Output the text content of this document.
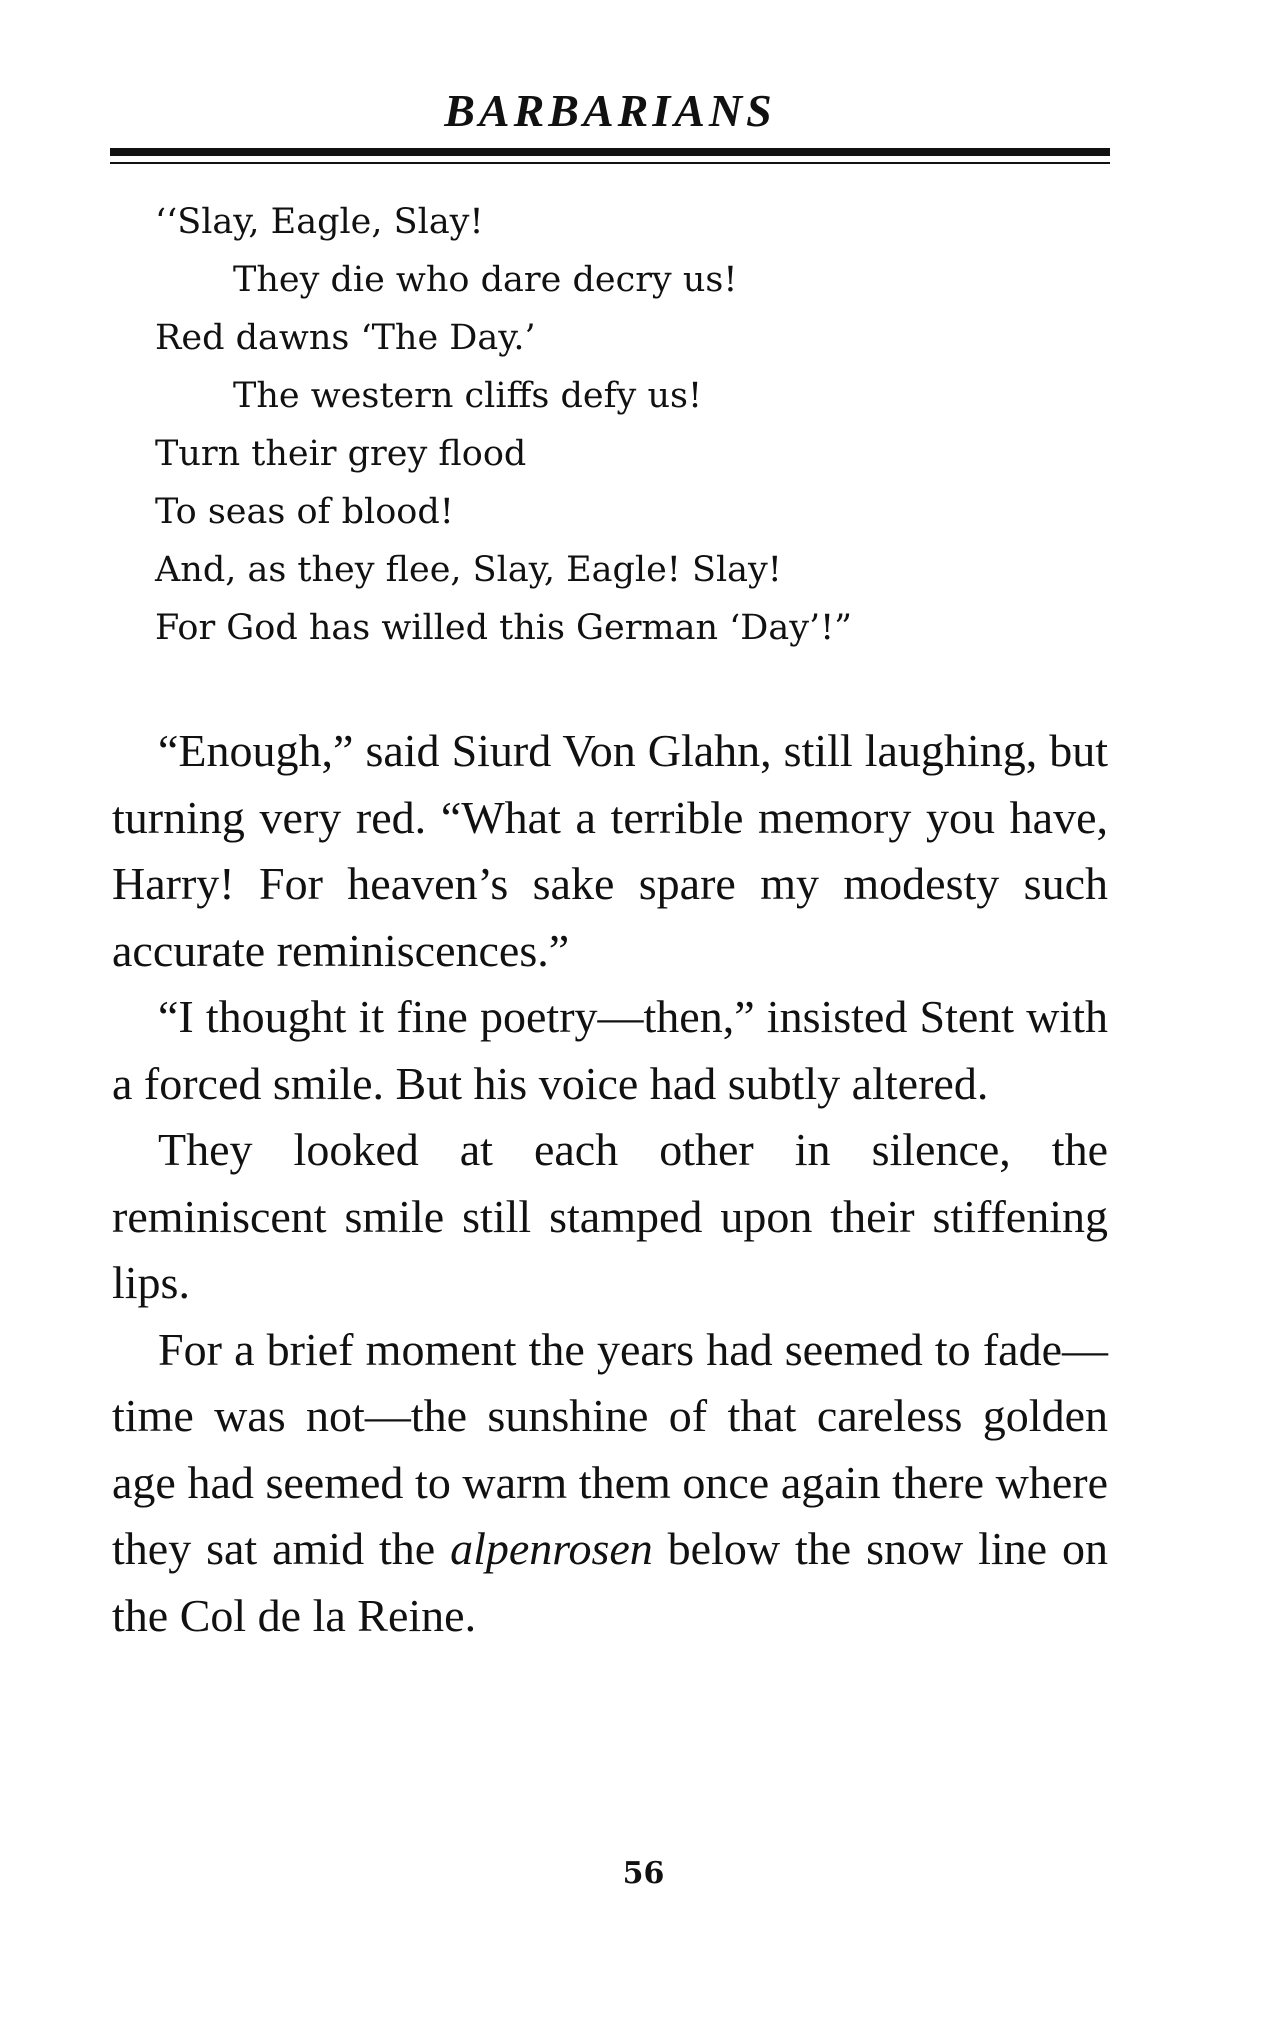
BARBARIANS
‘‘Slay, Eagle, Slay!
They die who dare decry us!
Red dawns ‘The Day.’
The western cliffs defy us!
Turn their grey flood
To seas of blood!
And, as they flee, Slay, Eagle! Slay!
For God has willed this German ‘Day’!”

“Enough,” said Siurd Von Glahn, still laughing, but turning very red. “What a terrible memory you have, Harry! For heaven’s sake spare my modesty such accurate reminiscences.”

“I thought it fine poetry—then,” insisted Stent with a forced smile. But his voice had subtly altered.

They looked at each other in silence, the reminiscent smile still stamped upon their stiffening lips.

For a brief moment the years had seemed to fade—time was not—the sunshine of that careless golden age had seemed to warm them once again there where they sat amid the alpenrosen below the snow line on the Col de la Reine.

56
